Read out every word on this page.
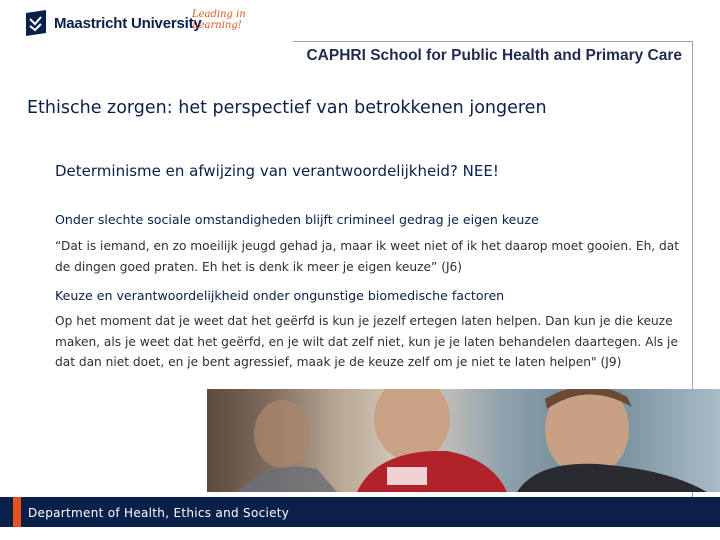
Maastricht University
Leading in Learning!
CAPHRI School for Public Health and Primary Care
Ethische zorgen: het perspectief van betrokkenen jongeren
Determinisme en afwijzing van verantwoordelijkheid? NEE!
Onder slechte sociale omstandigheden blijft crimineel gedrag je eigen keuze
“Dat is iemand, en zo moeilijk jeugd gehad ja, maar ik weet niet of ik het daarop moet gooien. Eh, dat de dingen goed praten. Eh het is denk ik meer je eigen keuze” (J6)
Keuze en verantwoordelijkheid onder ongunstige biomedische factoren
Op het moment dat je weet dat het geërfd is kun je jezelf ertegen laten helpen. Dan kun je die keuze maken, als je weet dat het geërfd, en je wilt dat zelf niet, kun je je laten behandelen daartegen. Als je dat dan niet doet, en je bent agressief, maak je de keuze zelf om je niet te laten helpen" (J9)
Department of Health, Ethics and Society
